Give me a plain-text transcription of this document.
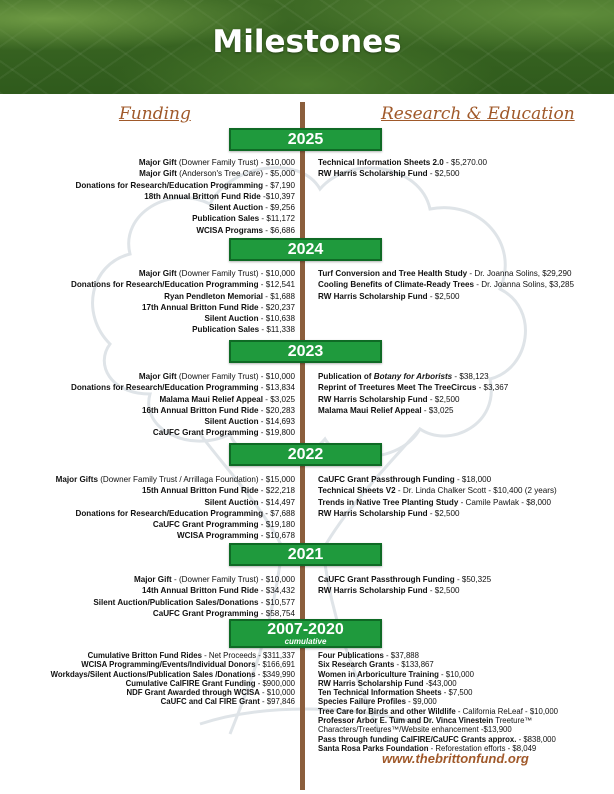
Milestones
Funding	Research & Education
2025
Major Gift (Downer Family Trust) - $10,000
Major Gift (Anderson's Tree Care) - $5,000
Donations for Research/Education Programming - $7,190
18th Annual Britton Fund Ride -$10,397
Silent Auction - $9,256
Publication Sales - $11,172
WCISA Programs - $6,686
Technical Information Sheets 2.0 - $5,270.00
RW Harris Scholarship Fund - $2,500
2024
Major Gift (Downer Family Trust) - $10,000
Donations for Research/Education Programming - $12,541
Ryan Pendleton Memorial - $1,688
17th Annual Britton Fund Ride - $20,237
Silent Auction - $10,638
Publication Sales - $11,338
Turf Conversion and Tree Health Study - Dr. Joanna Solins, $29,290
Cooling Benefits of Climate-Ready Trees - Dr. Joanna Solins, $3,285
RW Harris Scholarship Fund - $2,500
2023
Major Gift (Downer Family Trust) - $10,000
Donations for Research/Education Programming - $13,834
Malama Maui Relief Appeal - $3,025
16th Annual Britton Fund Ride - $20,283
Silent Auction - $14,693
CaUFC Grant Programming - $19,800
Publication of Botany for Arborists - $38,123
Reprint of Treetures Meet The TreeCircus - $3,367
RW Harris Scholarship Fund - $2,500
Malama Maui Relief Appeal - $3,025
2022
Major Gifts (Downer Family Trust / Arrillaga Foundation) - $15,000
15th Annual Britton Fund Ride - $22,218
Silent Auction - $14,497
Donations for Research/Education Programming - $7,688
CaUFC Grant Programming - $19,180
WCISA Programming - $10,678
CaUFC Grant Passthrough Funding - $18,000
Technical Sheets V2 - Dr. Linda Chalker Scott - $10,400 (2 years)
Trends in Native Tree Planting Study - Camile Pawlak - $8,000
RW Harris Scholarship Fund - $2,500
2021
Major Gift - (Downer Family Trust) - $10,000
14th Annual Britton Fund Ride - $34,432
Silent Auction/Publication Sales/Donations - $10,577
CaUFC Grant Programming - $58,754
CaUFC Grant Passthrough Funding - $50,325
RW Harris Scholarship Fund - $2,500
2007-2020
cumulative
Cumulative Britton Fund Rides - Net Proceeds - $311,337
WCISA Programming/Events/Individual Donors - $166,691
Workdays/Silent Auctions/Publication Sales /Donations - $349,990
Cumulative CalFIRE Grant Funding - $900,000
NDF Grant Awarded through WCISA - $10,000
CaUFC and Cal FIRE Grant - $97,846
Four Publications - $37,888
Six Research Grants - $133,867
Women in Arboriculture Training - $10,000
RW Harris Scholarship Fund -$43,000
Ten Technical Information Sheets - $7,500
Species Failure Profiles - $9,000
Tree Care for Birds and other Wildlife - California ReLeaf - $10,000
Professor Arbor E. Tum and Dr. Vinca Vinestein Treeture™
Characters/Treetures™/Website enhancement -$13,900
Pass through funding CalFIRE/CaUFC Grants approx. - $838,000
Santa Rosa Parks Foundation - Reforestation efforts - $8,049
www.thebrittonfund.org
